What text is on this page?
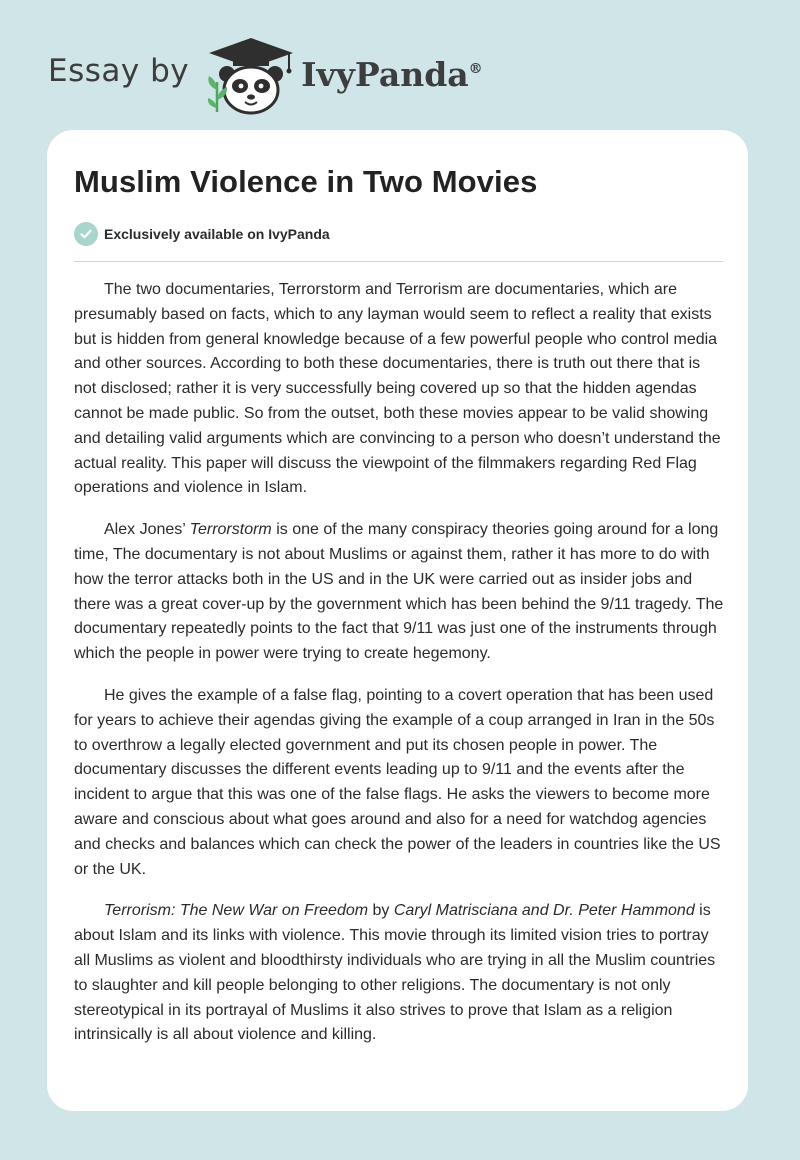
Essay by	IvyPanda®
Muslim Violence in Two Movies
Exclusively available on IvyPanda

The two documentaries, Terrorstorm and Terrorism are documentaries, which are presumably based on facts, which to any layman would seem to reflect a reality that exists but is hidden from general knowledge because of a few powerful people who control media and other sources. According to both these documentaries, there is truth out there that is not disclosed; rather it is very successfully being covered up so that the hidden agendas cannot be made public. So from the outset, both these movies appear to be valid showing and detailing valid arguments which are convincing to a person who doesn’t understand the actual reality. This paper will discuss the viewpoint of the filmmakers regarding Red Flag operations and violence in Islam.

Alex Jones’ Terrorstorm is one of the many conspiracy theories going around for a long time, The documentary is not about Muslims or against them, rather it has more to do with how the terror attacks both in the US and in the UK were carried out as insider jobs and there was a great cover-up by the government which has been behind the 9/11 tragedy. The documentary repeatedly points to the fact that 9/11 was just one of the instruments through which the people in power were trying to create hegemony.

He gives the example of a false flag, pointing to a covert operation that has been used for years to achieve their agendas giving the example of a coup arranged in Iran in the 50s to overthrow a legally elected government and put its chosen people in power. The documentary discusses the different events leading up to 9/11 and the events after the incident to argue that this was one of the false flags. He asks the viewers to become more aware and conscious about what goes around and also for a need for watchdog agencies and checks and balances which can check the power of the leaders in countries like the US or the UK.

Terrorism: The New War on Freedom by Caryl Matrisciana and Dr. Peter Hammond is about Islam and its links with violence. This movie through its limited vision tries to portray all Muslims as violent and bloodthirsty individuals who are trying in all the Muslim countries to slaughter and kill people belonging to other religions. The documentary is not only stereotypical in its portrayal of Muslims it also strives to prove that Islam as a religion intrinsically is all about violence and killing.
